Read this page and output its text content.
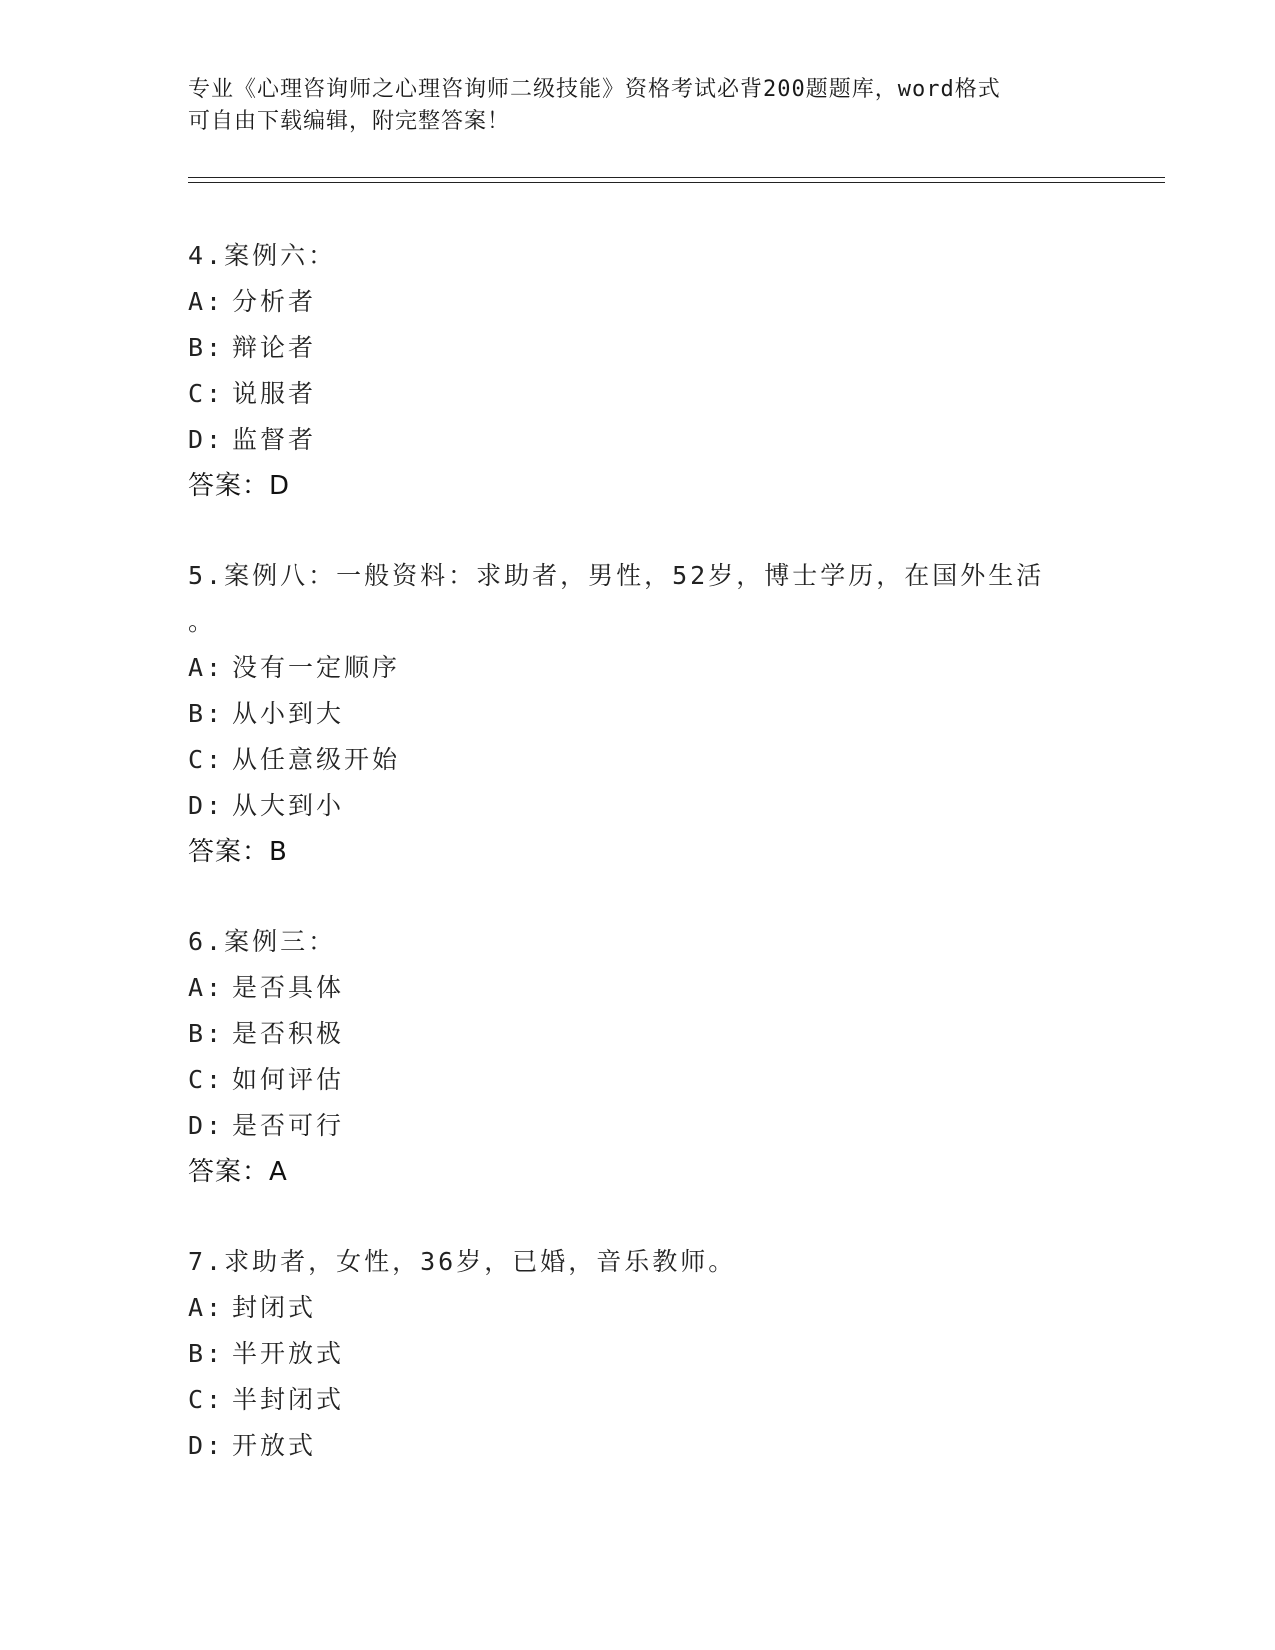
专业《心理咨询师之心理咨询师二级技能》资格考试必背200题题库，word格式
可自由下载编辑，附完整答案！
4.案例六：
A: 分析者
B: 辩论者
C: 说服者
D: 监督者
答案：D
5.案例八：一般资料：求助者，男性，52岁，博士学历，在国外生活
。
A: 没有一定顺序
B: 从小到大
C: 从任意级开始
D: 从大到小
答案：B
6.案例三：
A: 是否具体
B: 是否积极
C: 如何评估
D: 是否可行
答案：A
7.求助者，女性，36岁，已婚，音乐教师。
A: 封闭式
B: 半开放式
C: 半封闭式
D: 开放式
